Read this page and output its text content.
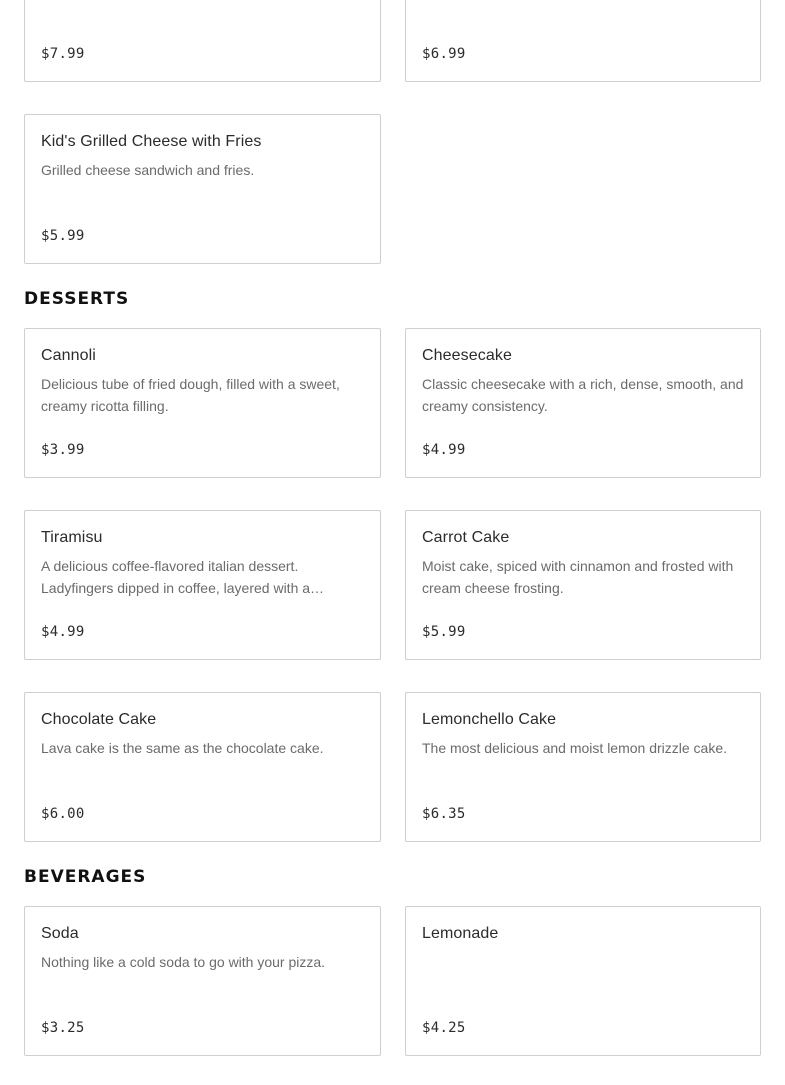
$7.99	$6.99
Kid's Grilled Cheese with Fries
Grilled cheese sandwich and fries.
$5.99
DESSERTS
Cannoli
Delicious tube of fried dough, filled with a sweet, creamy ricotta filling.
$3.99
Cheesecake
Classic cheesecake with a rich, dense, smooth, and creamy consistency.
$4.99
Tiramisu
A delicious coffee-flavored italian dessert. Ladyfingers dipped in coffee, layered with a…
$4.99
Carrot Cake
Moist cake, spiced with cinnamon and frosted with cream cheese frosting.
$5.99
Chocolate Cake
Lava cake is the same as the chocolate cake.
$6.00
Lemonchello Cake
The most delicious and moist lemon drizzle cake.
$6.35
BEVERAGES
Soda
Nothing like a cold soda to go with your pizza.
$3.25
Lemonade
$4.25
